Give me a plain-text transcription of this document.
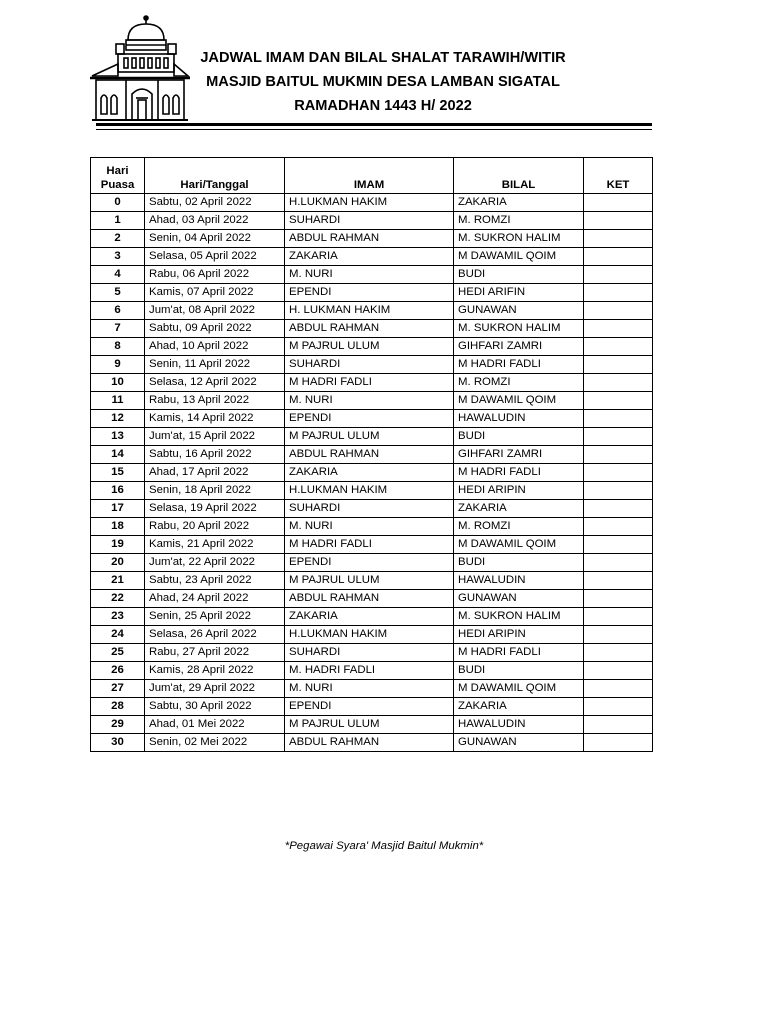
JADWAL IMAM DAN BILAL SHALAT TARAWIH/WITIR
MASJID BAITUL MUKMIN DESA LAMBAN SIGATAL
RAMADHAN 1443 H/ 2022
Hari
Puasa	Hari/Tanggal	IMAM	BILAL	KET
0	Sabtu, 02 April 2022	H.LUKMAN HAKIM	ZAKARIA	
1	Ahad, 03 April 2022	SUHARDI	M. ROMZI	
2	Senin, 04 April 2022	ABDUL RAHMAN	M. SUKRON HALIM	
3	Selasa, 05 April 2022	ZAKARIA	M DAWAMIL QOIM	
4	Rabu, 06 April 2022	M. NURI	BUDI	
5	Kamis, 07 April 2022	EPENDI	HEDI ARIFIN	
6	Jum'at, 08 April 2022	H. LUKMAN HAKIM	GUNAWAN	
7	Sabtu, 09 April 2022	ABDUL RAHMAN	M. SUKRON HALIM	
8	Ahad, 10 April 2022	M PAJRUL ULUM	GIHFARI ZAMRI	
9	Senin, 11 April 2022	SUHARDI	M HADRI FADLI	
10	Selasa, 12 April 2022	M HADRI FADLI	M. ROMZI	
11	Rabu, 13 April 2022	M. NURI	M DAWAMIL QOIM	
12	Kamis, 14 April 2022	EPENDI	HAWALUDIN	
13	Jum'at, 15 April 2022	M PAJRUL ULUM	BUDI	
14	Sabtu, 16 April 2022	ABDUL RAHMAN	GIHFARI ZAMRI	
15	Ahad, 17 April 2022	ZAKARIA	M HADRI FADLI	
16	Senin, 18 April 2022	H.LUKMAN HAKIM	HEDI ARIPIN	
17	Selasa, 19 April 2022	SUHARDI	ZAKARIA	
18	Rabu, 20 April 2022	M. NURI	M. ROMZI	
19	Kamis, 21 April 2022	M HADRI FADLI	M DAWAMIL QOIM	
20	Jum'at, 22 April 2022	EPENDI	BUDI	
21	Sabtu, 23 April 2022	M PAJRUL ULUM	HAWALUDIN	
22	Ahad, 24 April 2022	ABDUL RAHMAN	GUNAWAN	
23	Senin, 25 April 2022	ZAKARIA	M. SUKRON HALIM	
24	Selasa, 26 April 2022	H.LUKMAN HAKIM	HEDI ARIPIN	
25	Rabu, 27 April 2022	SUHARDI	M HADRI FADLI	
26	Kamis, 28 April 2022	M. HADRI FADLI	BUDI	
27	Jum'at, 29 April 2022	M. NURI	M DAWAMIL QOIM	
28	Sabtu, 30 April 2022	EPENDI	ZAKARIA	
29	Ahad, 01 Mei 2022	M PAJRUL ULUM	HAWALUDIN	
30	Senin, 02 Mei 2022	ABDUL RAHMAN	GUNAWAN	
*Pegawai Syara' Masjid Baitul Mukmin*
